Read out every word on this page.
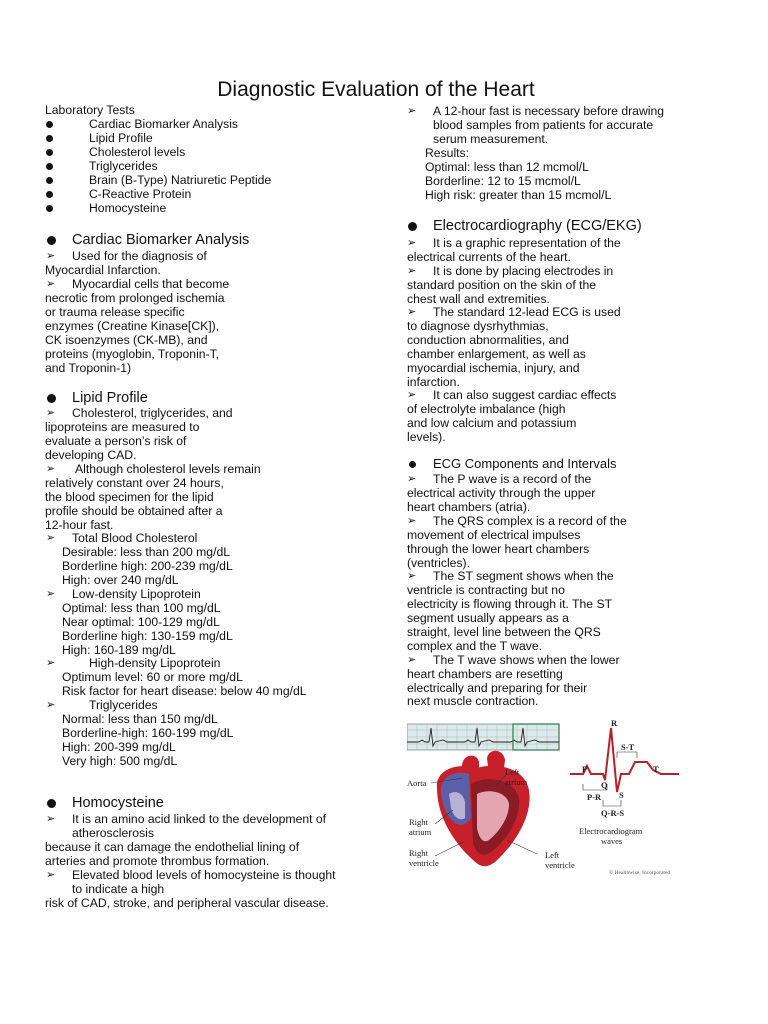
Diagnostic Evaluation of the Heart
Laboratory Tests
Cardiac Biomarker Analysis
Lipid Profile
Cholesterol levels
Triglycerides
Brain (B-Type) Natriuretic Peptide
C-Reactive Protein
Homocysteine
Cardiac Biomarker Analysis
➢ Used for the diagnosis of
Myocardial Infarction.
➢ Myocardial cells that become
necrotic from prolonged ischemia
or trauma release specific
enzymes (Creatine Kinase[CK]),
CK isoenzymes (CK-MB), and
proteins (myoglobin, Troponin-T,
and Troponin-1)
Lipid Profile
➢ Cholesterol, triglycerides, and
lipoproteins are measured to
evaluate a person’s risk of
developing CAD.
➢ Although cholesterol levels remain
relatively constant over 24 hours,
the blood specimen for the lipid
profile should be obtained after a
12-hour fast.
➢ Total Blood Cholesterol
Desirable: less than 200 mg/dL
Borderline high: 200-239 mg/dL
High: over 240 mg/dL
➢ Low-density Lipoprotein
Optimal: less than 100 mg/dL
Near optimal: 100-129 mg/dL
Borderline high: 130-159 mg/dL
High: 160-189 mg/dL
➢	High-density Lipoprotein
Optimum level: 60 or more mg/dL
Risk factor for heart disease: below 40 mg/dL
➢	Triglycerides
Normal: less than 150 mg/dL
Borderline-high: 160-199 mg/dL
High: 200-399 mg/dL
Very high: 500 mg/dL
Homocysteine
➢ It is an amino acid linked to the development of
atherosclerosis
because it can damage the endothelial lining of
arteries and promote thrombus formation.
➢ Elevated blood levels of homocysteine is thought
to indicate a high
risk of CAD, stroke, and peripheral vascular disease.
➢ A 12-hour fast is necessary before drawing
blood samples from patients for accurate
serum measurement.
Results:
Optimal: less than 12 mcmol/L
Borderline: 12 to 15 mcmol/L
High risk: greater than 15 mcmol/L
Electrocardiography (ECG/EKG)
➢ It is a graphic representation of the
electrical currents of the heart.
➢ It is done by placing electrodes in
standard position on the skin of the
chest wall and extremities.
➢ The standard 12-lead ECG is used
to diagnose dysrhythmias,
conduction abnormalities, and
chamber enlargement, as well as
myocardial ischemia, injury, and
infarction.
➢ It can also suggest cardiac effects
of electrolyte imbalance (high
and low calcium and potassium
levels).
ECG Components and Intervals
➢ The P wave is a record of the
electrical activity through the upper
heart chambers (atria).
➢ The QRS complex is a record of the
movement of electrical impulses
through the lower heart chambers
(ventricles).
➢ The ST segment shows when the
ventricle is contracting but no
electricity is flowing through it. The ST
segment usually appears as a
straight, level line between the QRS
complex and the T wave.
➢ The T wave shows when the lower
heart chambers are resetting
electrically and preparing for their
next muscle contraction.
Aorta
Left
atrium
Right
atrium
Right
ventricle
Left
ventricle
R
S-T
P	T
Q
S
P-R
Q-R-S
Electrocardiogram
waves
© Healthwise, Incorporated
